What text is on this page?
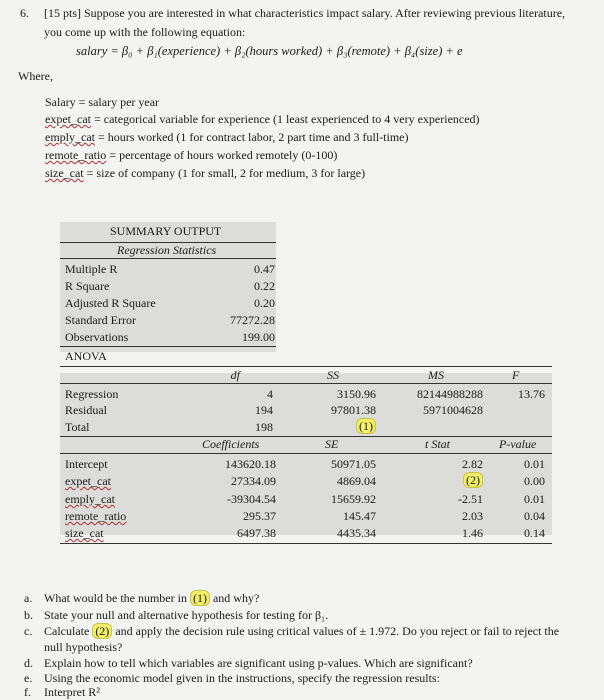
6. [15 pts] Suppose you are interested in what characteristics impact salary. After reviewing previous literature,
you come up with the following equation:
salary = β₀ + β₁(experience) + β₂(hours worked) + β₃(remote) + β₄(size) + e
Where,
Salary = salary per year
expet_cat = categorical variable for experience (1 least experienced to 4 very experienced)
emply_cat = hours worked (1 for contract labor, 2 part time and 3 full-time)
remote_ratio = percentage of hours worked remotely (0-100)
size_cat = size of company (1 for small, 2 for medium, 3 for large)
SUMMARY OUTPUT
Regression Statistics
Multiple R	0.47
R Square	0.22
Adjusted R Square	0.20
Standard Error	77272.28
Observations	199.00
ANOVA
df	SS	MS	F
Regression	4	3150.96	82144988288	13.76
Residual	194	97801.38	5971004628
Total	198	(1)
Coefficients	SE	t Stat	P-value
Intercept	143620.18	50971.05	2.82	0.01
expet_cat	27334.09	4869.04	(2)	0.00
emply_cat	-39304.54	15659.92	-2.51	0.01
remote_ratio	295.37	145.47	2.03	0.04
size_cat	6497.38	4435.34	1.46	0.14
a. What would be the number in (1) and why?
b. State your null and alternative hypothesis for testing for β₁.
c. Calculate (2) and apply the decision rule using critical values of ± 1.972. Do you reject or fail to reject the
null hypothesis?
d. Explain how to tell which variables are significant using p-values. Which are significant?
e. Using the economic model given in the instructions, specify the regression results:
f. Interpret R²
